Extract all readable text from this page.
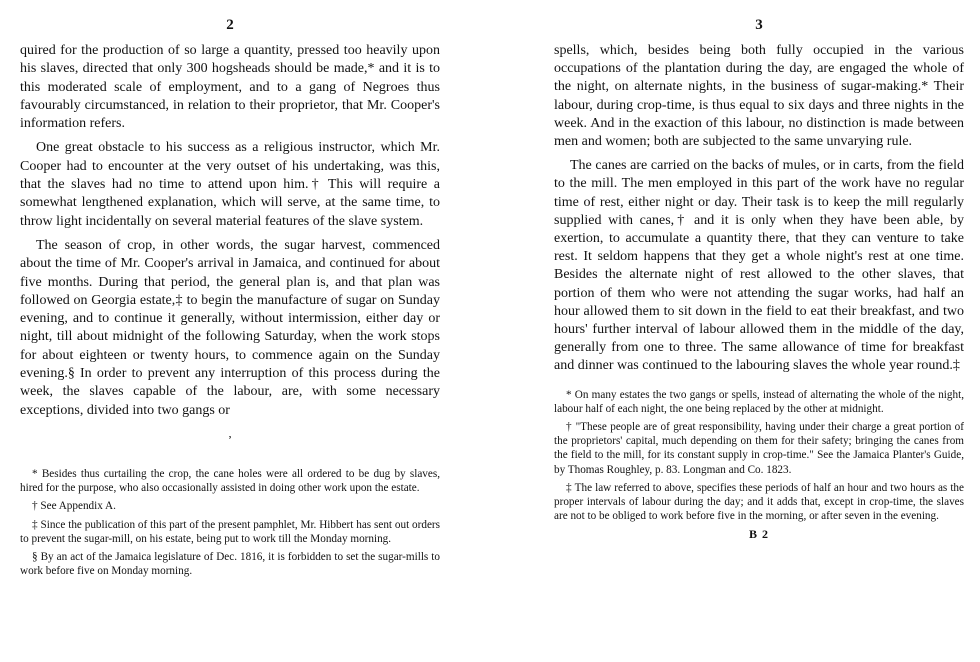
2

quired for the production of so large a quantity, pressed too heavily upon his slaves, directed that only 300 hogsheads should be made,* and it is to this moderated scale of employment, and to a gang of Negroes thus favourably circumstanced, in relation to their proprietor, that Mr. Cooper's information refers.

One great obstacle to his success as a religious instructor, which Mr. Cooper had to encounter at the very outset of his undertaking, was this, that the slaves had no time to attend upon him.† This will require a somewhat lengthened explanation, which will serve, at the same time, to throw light incidentally on several material features of the slave system.

The season of crop, in other words, the sugar harvest, commenced about the time of Mr. Cooper's arrival in Jamaica, and continued for about five months. During that period, the general plan is, and that plan was followed on Georgia estate,‡ to begin the manufacture of sugar on Sunday evening, and to continue it generally, without intermission, either day or night, till about midnight of the following Saturday, when the work stops for about eighteen or twenty hours, to commence again on the Sunday evening.§ In order to prevent any interruption of this process during the week, the slaves capable of the labour, are, with some necessary exceptions, divided into two gangs or

‚

* Besides thus curtailing the crop, the cane holes were all ordered to be dug by slaves, hired for the purpose, who also occasionally assisted in doing other work upon the estate.

† See Appendix A.

‡ Since the publication of this part of the present pamphlet, Mr. Hibbert has sent out orders to prevent the sugar-mill, on his estate, being put to work till the Monday morning.

§ By an act of the Jamaica legislature of Dec. 1816, it is forbidden to set the sugar-mills to work before five on Monday morning.

3

spells, which, besides being both fully occupied in the various occupations of the plantation during the day, are engaged the whole of the night, on alternate nights, in the business of sugar-making.* Their labour, during crop-time, is thus equal to six days and three nights in the week. And in the exaction of this labour, no distinction is made between men and women; both are subjected to the same unvarying rule.

The canes are carried on the backs of mules, or in carts, from the field to the mill. The men employed in this part of the work have no regular time of rest, either night or day. Their task is to keep the mill regularly supplied with canes,† and it is only when they have been able, by exertion, to accumulate a quantity there, that they can venture to take rest. It seldom happens that they get a whole night's rest at one time. Besides the alternate night of rest allowed to the other slaves, that portion of them who were not attending the sugar works, had half an hour allowed them to sit down in the field to eat their breakfast, and two hours' further interval of labour allowed them in the middle of the day, generally from one to three. The same allowance of time for breakfast and dinner was continued to the labouring slaves the whole year round.‡

* On many estates the two gangs or spells, instead of alternating the whole of the night, labour half of each night, the one being replaced by the other at midnight.

† "These people are of great responsibility, having under their charge a great portion of the proprietors' capital, much depending on them for their safety; bringing the canes from the field to the mill, for its constant supply in crop-time." See the Jamaica Planter's Guide, by Thomas Roughley, p. 83. Longman and Co. 1823.

‡ The law referred to above, specifies these periods of half an hour and two hours as the proper intervals of labour during the day; and it adds that, except in crop-time, the slaves are not to be obliged to work before five in the morning, or after seven in the evening.

B 2
